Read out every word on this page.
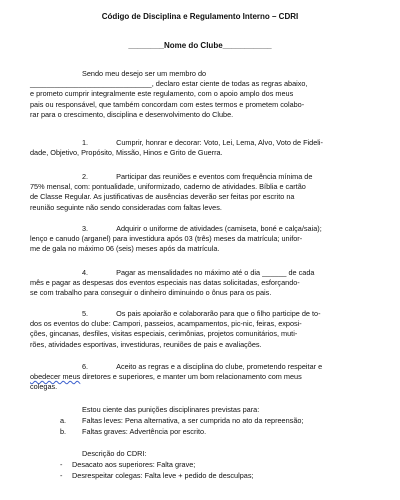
Código de Disciplina e Regulamento Interno – CDRI
________Nome do Clube___________
Sendo meu desejo ser um membro do
______________________________, declaro estar ciente de todas as regras abaixo,
e prometo cumprir integralmente este regulamento, com o apoio amplo dos meus
pais ou responsável, que também concordam com estes termos e prometem colabo-
rar para o crescimento, disciplina e desenvolvimento do Clube.
1.	Cumprir, honrar e decorar: Voto, Lei, Lema, Alvo, Voto de Fideli-
dade, Objetivo, Propósito, Missão, Hinos e Grito de Guerra.
2.	Participar das reuniões e eventos com frequência mínima de
75% mensal, com: pontualidade, uniformizado, caderno de atividades. Bíblia e cartão
de Classe Regular. As justificativas de ausências deverão ser feitas por escrito na
reunião seguinte não sendo consideradas com faltas leves.
3.	Adquirir o uniforme de atividades (camiseta, boné e calça/saia);
lenço e canudo (arganel) para investidura após 03 (três) meses da matrícula; unifor-
me de gala no máximo 06 (seis) meses após da matrícula.
4.	Pagar as mensalidades no máximo até o dia ______ de cada
mês e pagar as despesas dos eventos especiais nas datas solicitadas, esforçando-
se com trabalho para conseguir o dinheiro diminuindo o ônus para os pais.
5.	Os pais apoiarão e colaborarão para que o filho participe de to-
dos os eventos do clube: Campori, passeios, acampamentos, pic-nic, feiras, exposi-
ções, gincanas, desfiles, visitas especiais, cerimônias, projetos comunitários, muti-
rões, atividades esportivas, investiduras, reuniões de pais e avaliações.
6.	Aceito as regras e a disciplina do clube, prometendo respeitar e
obedecer meus diretores e superiores, e manter um bom relacionamento com meus
colegas.
Estou ciente das punições disciplinares previstas para:
a. Faltas leves: Pena alternativa, a ser cumprida no ato da repreensão;
b. Faltas graves: Advertência por escrito.
Descrição do CDRI:
- Desacato aos superiores: Falta grave;
- Desrespeitar colegas: Falta leve + pedido de desculpas;
